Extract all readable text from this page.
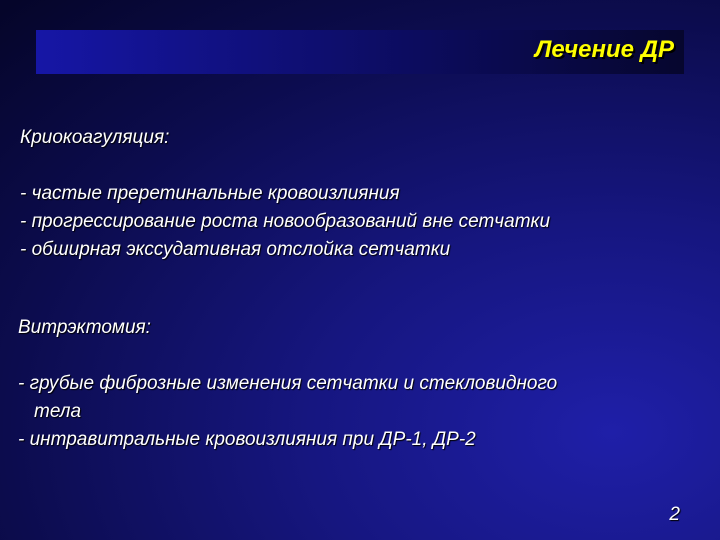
Лечение ДР
Криокоагуляция:
- частые преретинальные кровоизлияния
- прогрессирование роста новообразований вне сетчатки
- обширная экссудативная отслойка сетчатки
Витрэктомия:
- грубые фиброзные изменения сетчатки и стекловидного
тела
- интравитральные кровоизлияния при ДР-1, ДР-2
2
